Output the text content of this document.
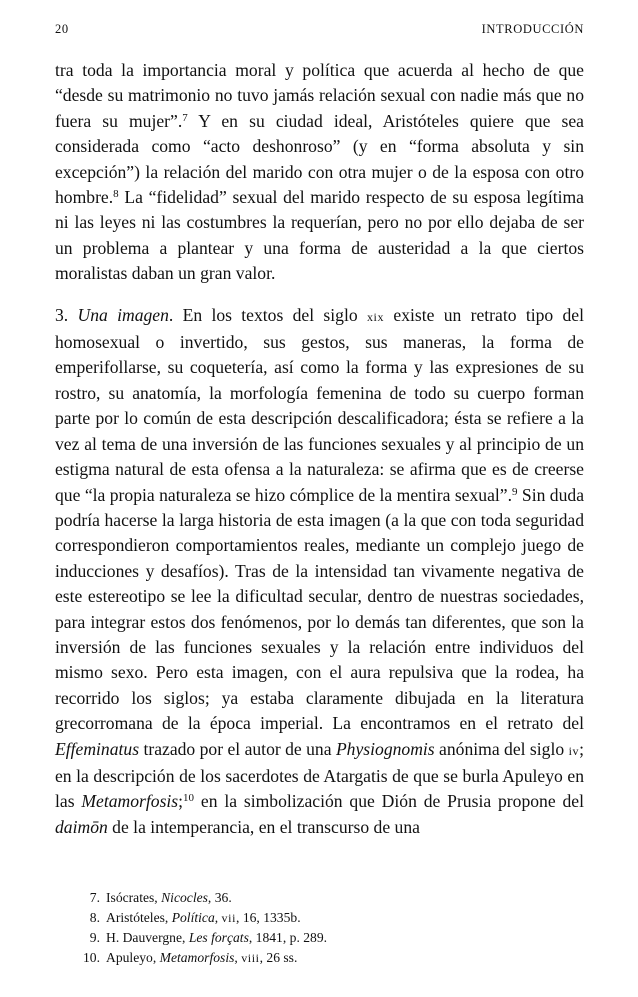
20	INTRODUCCIÓN

tra toda la importancia moral y política que acuerda al hecho de que “desde su matrimonio no tuvo jamás relación sexual con nadie más que no fuera su mujer”.$^7$ Y en su ciudad ideal, Aristóteles quiere que sea considerada como “acto deshonroso” (y en “forma absoluta y sin excepción”) la relación del marido con otra mujer o de la esposa con otro hombre.$^8$ La “fidelidad” sexual del marido respecto de su esposa legítima ni las leyes ni las costumbres la requerían, pero no por ello dejaba de ser un problema a plantear y una forma de austeridad a la que ciertos moralistas daban un gran valor.

3. Una imagen. En los textos del siglo xix existe un retrato tipo del homosexual o invertido, sus gestos, sus maneras, la forma de emperifollarse, su coquetería, así como la forma y las expresiones de su rostro, su anatomía, la morfología femenina de todo su cuerpo forman parte por lo común de esta descripción descalificadora; ésta se refiere a la vez al tema de una inversión de las funciones sexuales y al principio de un estigma natural de esta ofensa a la naturaleza: se afirma que es de creerse que “la propia naturaleza se hizo cómplice de la mentira sexual”.$^9$ Sin duda podría hacerse la larga historia de esta imagen (a la que con toda seguridad correspondieron comportamientos reales, mediante un complejo juego de inducciones y desafíos). Tras de la intensidad tan vivamente negativa de este estereotipo se lee la dificultad secular, dentro de nuestras sociedades, para integrar estos dos fenómenos, por lo demás tan diferentes, que son la inversión de las funciones sexuales y la relación entre individuos del mismo sexo. Pero esta imagen, con el aura repulsiva que la rodea, ha recorrido los siglos; ya estaba claramente dibujada en la literatura grecorromana de la época imperial. La encontramos en el retrato del Effeminatus trazado por el autor de una Physiognomis anónima del siglo iv; en la descripción de los sacerdotes de Atargatis de que se burla Apuleyo en las Metamorfosis;$^{10}$ en la simbolización que Dión de Prusia propone del daimōn de la intemperancia, en el transcurso de una

7. Isócrates, Nicocles, 36.
8. Aristóteles, Política, vii, 16, 1335b.
9. H. Dauvergne, Les forçats, 1841, p. 289.
10. Apuleyo, Metamorfosis, viii, 26 ss.
